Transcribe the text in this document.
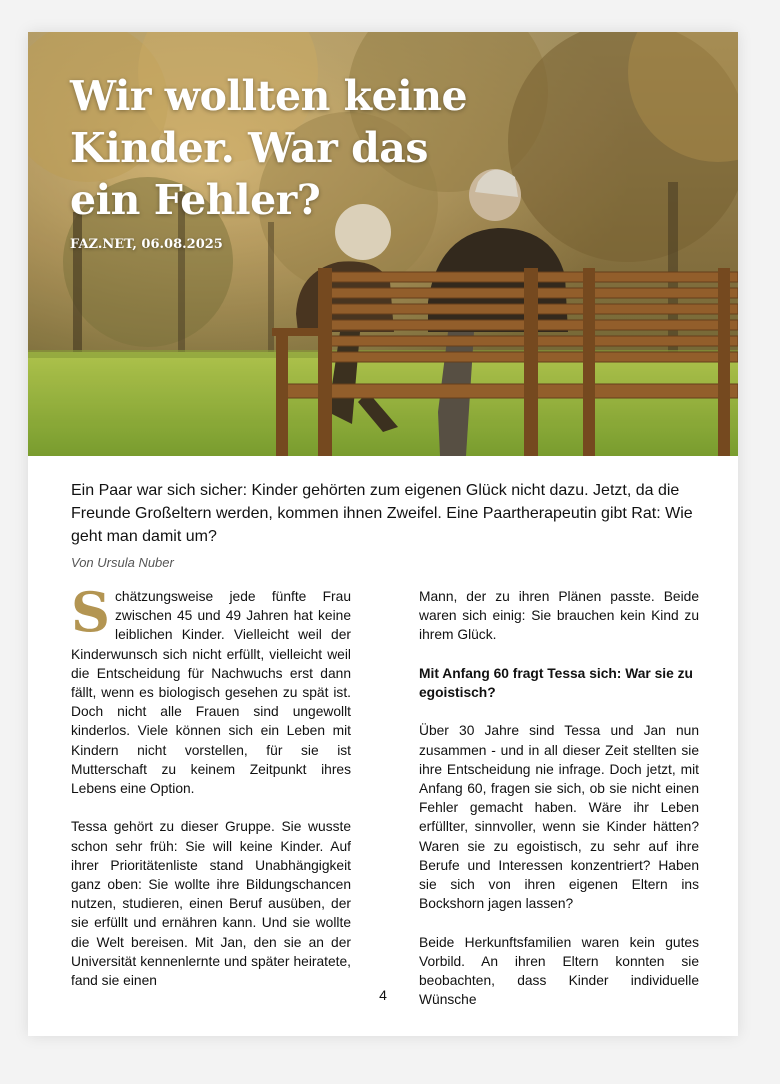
Wir wollten keine Kinder. War das ein Fehler?
FAZ.NET, 06.08.2025

Ein Paar war sich sicher: Kinder gehörten zum eigenen Glück nicht dazu. Jetzt, da die Freunde Großeltern werden, kommen ihnen Zweifel. Eine Paartherapeutin gibt Rat: Wie geht man damit um?

Von Ursula Nuber

Schätzungsweise jede fünfte Frau zwischen 45 und 49 Jahren hat keine leiblichen Kinder. Vielleicht weil der Kinderwunsch sich nicht erfüllt, vielleicht weil die Entscheidung für Nachwuchs erst dann fällt, wenn es biologisch gesehen zu spät ist. Doch nicht alle Frauen sind ungewollt kinderlos. Viele können sich ein Leben mit Kindern nicht vorstellen, für sie ist Mutterschaft zu keinem Zeitpunkt ihres Lebens eine Option.

Tessa gehört zu dieser Gruppe. Sie wusste schon sehr früh: Sie will keine Kinder. Auf ihrer Prioritätenliste stand Unabhängigkeit ganz oben: Sie wollte ihre Bildungschancen nutzen, studieren, einen Beruf ausüben, der sie erfüllt und ernähren kann. Und sie wollte die Welt bereisen. Mit Jan, den sie an der Universität kennenlernte und später heiratete, fand sie einen

Mann, der zu ihren Plänen passte. Beide waren sich einig: Sie brauchen kein Kind zu ihrem Glück.

Mit Anfang 60 fragt Tessa sich: War sie zu egoistisch?

Über 30 Jahre sind Tessa und Jan nun zusammen - und in all dieser Zeit stellten sie ihre Entscheidung nie infrage. Doch jetzt, mit Anfang 60, fragen sie sich, ob sie nicht einen Fehler gemacht haben. Wäre ihr Leben erfüllter, sinnvoller, wenn sie Kinder hätten? Waren sie zu egoistisch, zu sehr auf ihre Berufe und Interessen konzentriert? Haben sie sich von ihren eigenen Eltern ins Bockshorn jagen lassen?

Beide Herkunftsfamilien waren kein gutes Vorbild. An ihren Eltern konnten sie beobachten, dass Kinder individuelle Wünsche

4
